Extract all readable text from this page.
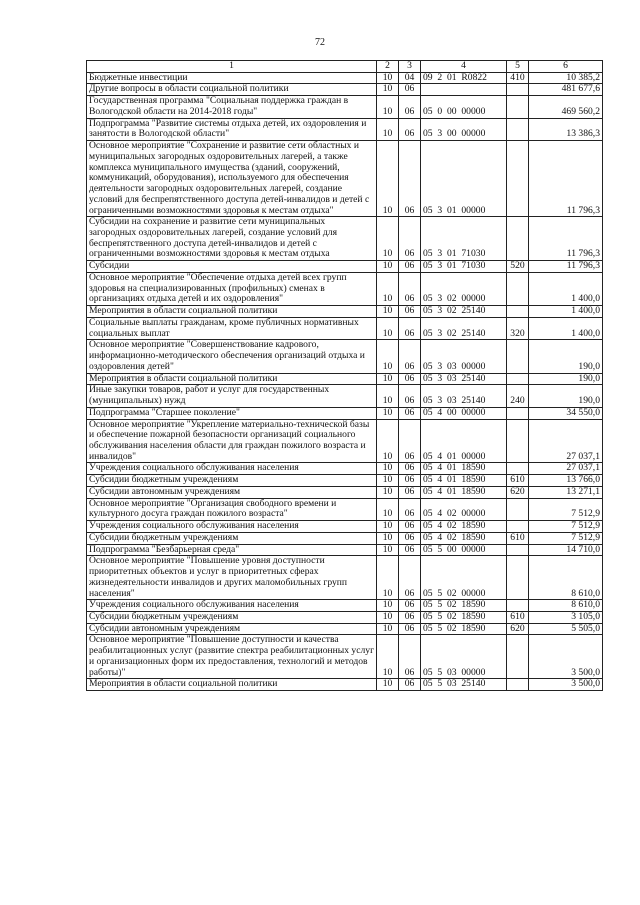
72
1	2	3	4	5	6
Бюджетные инвестиции	10	04	09  2  01  R0822	410	10 385,2
Другие вопросы в области социальной политики	10	06			481 677,6
Государственная программа "Социальная поддержка граждан в Вологодской области на 2014-2018 годы"	10	06	05  0  00  00000		469 560,2
Подпрограмма "Развитие системы отдыха детей, их оздоровления и занятости в Вологодской области"	10	06	05  3  00  00000		13 386,3
Основное мероприятие "Сохранение и развитие сети областных и муниципальных загородных оздоровительных лагерей, а также комплекса муниципального имущества (зданий, сооружений, коммуникаций, оборудования), используемого для обеспечения деятельности загородных оздоровительных лагерей, создание условий для беспрепятственного доступа детей-инвалидов и детей с ограниченными возможностями здоровья к местам отдыха"	10	06	05  3  01  00000		11 796,3
Субсидии на сохранение и развитие сети муниципальных загородных оздоровительных лагерей, создание условий для беспрепятственного доступа детей-инвалидов и детей с ограниченными возможностями здоровья к местам отдыха	10	06	05  3  01  71030		11 796,3
Субсидии	10	06	05  3  01  71030	520	11 796,3
Основное мероприятие "Обеспечение отдыха детей всех групп здоровья на специализированных (профильных) сменах в организациях отдыха детей и их оздоровления"	10	06	05  3  02  00000		1 400,0
Мероприятия в области социальной политики	10	06	05  3  02  25140		1 400,0
Социальные выплаты гражданам, кроме публичных нормативных социальных выплат	10	06	05  3  02  25140	320	1 400,0
Основное мероприятие "Совершенствование кадрового, информационно-методического обеспечения организаций отдыха и оздоровления детей"	10	06	05  3  03  00000		190,0
Мероприятия в области социальной политики	10	06	05  3  03  25140		190,0
Иные закупки товаров, работ и услуг для государственных (муниципальных) нужд	10	06	05  3  03  25140	240	190,0
Подпрограмма "Старшее поколение"	10	06	05  4  00  00000		34 550,0
Основное мероприятие "Укрепление материально-технической базы и обеспечение пожарной безопасности организаций социального обслуживания населения области для граждан пожилого возраста и инвалидов"	10	06	05  4  01  00000		27 037,1
Учреждения социального обслуживания населения	10	06	05  4  01  18590		27 037,1
Субсидии бюджетным учреждениям	10	06	05  4  01  18590	610	13 766,0
Субсидии автономным учреждениям	10	06	05  4  01  18590	620	13 271,1
Основное мероприятие "Организация свободного времени и культурного досуга граждан пожилого возраста"	10	06	05  4  02  00000		7 512,9
Учреждения социального обслуживания населения	10	06	05  4  02  18590		7 512,9
Субсидии бюджетным учреждениям	10	06	05  4  02  18590	610	7 512,9
Подпрограмма "Безбарьерная среда"	10	06	05  5  00  00000		14 710,0
Основное мероприятие "Повышение уровня доступности приоритетных объектов и услуг в приоритетных сферах жизнедеятельности инвалидов и других маломобильных групп населения"	10	06	05  5  02  00000		8 610,0
Учреждения социального обслуживания населения	10	06	05  5  02  18590		8 610,0
Субсидии бюджетным учреждениям	10	06	05  5  02  18590	610	3 105,0
Субсидии автономным учреждениям	10	06	05  5  02  18590	620	5 505,0
Основное мероприятие "Повышение доступности и качества реабилитационных услуг (развитие спектра реабилитационных услуг и организационных форм их предоставления, технологий и методов работы)"	10	06	05  5  03  00000		3 500,0
Мероприятия в области социальной политики	10	06	05  5  03  25140		3 500,0
